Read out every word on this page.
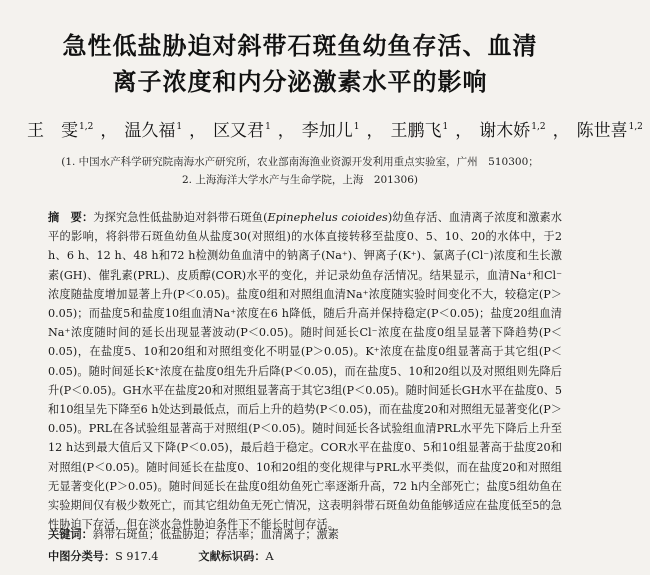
急性低盐胁迫对斜带石斑鱼幼鱼存活、血清
离子浓度和内分泌激素水平的影响
王　雯$^{1,2}$ ， 温久福$^1$ ， 区又君$^1$ ， 李加儿$^1$ ， 王鹏飞$^1$ ， 谢木娇$^{1,2}$ ， 陈世喜$^{1,2}$
(1. 中国水产科学研究院南海水产研究所，农业部南海渔业资源开发利用重点实验室，广州　510300；
2. 上海海洋大学水产与生命学院，上海　201306)
摘　要：为探究急性低盐胁迫对斜带石斑鱼(Epinephelus coioides)幼鱼存活、血清离子浓度和激素水平的影响，将斜带石斑鱼幼鱼从盐度30(对照组)的水体直接转移至盐度0、5、10、20的水体中，于2 h、6 h、12 h、48 h和72 h检测幼鱼血清中的钠离子(Na⁺)、钾离子(K⁺)、氯离子(Cl⁻)浓度和生长激素(GH)、催乳素(PRL)、皮质醇(COR)水平的变化，并记录幼鱼存活情况。结果显示，血清Na⁺和Cl⁻浓度随盐度增加显著上升(P＜0.05)。盐度0组和对照组血清Na⁺浓度随实验时间变化不大，较稳定(P＞0.05)；而盐度5和盐度10组血清Na⁺浓度在6 h降低，随后升高并保持稳定(P＜0.05)；盐度20组血清Na⁺浓度随时间的延长出现显著波动(P＜0.05)。随时间延长Cl⁻浓度在盐度0组呈显著下降趋势(P＜0.05)，在盐度5、10和20组和对照组变化不明显(P＞0.05)。K⁺浓度在盐度0组显著高于其它组(P＜0.05)。随时间延长K⁺浓度在盐度0组先升后降(P＜0.05)，而在盐度5、10和20组以及对照组则先降后升(P＜0.05)。GH水平在盐度20和对照组显著高于其它3组(P＜0.05)。随时间延长GH水平在盐度0、5和10组呈先下降至6 h处达到最低点，而后上升的趋势(P＜0.05)，而在盐度20和对照组无显著变化(P＞0.05)。PRL在各试验组显著高于对照组(P＜0.05)。随时间延长各试验组血清PRL水平先下降后上升至12 h达到最大值后又下降(P＜0.05)，最后趋于稳定。COR水平在盐度0、5和10组显著高于盐度20和对照组(P＜0.05)。随时间延长在盐度0、10和20组的变化规律与PRL水平类似，而在盐度20和对照组无显著变化(P＞0.05)。随时间延长在盐度0组幼鱼死亡率逐渐升高，72 h内全部死亡；盐度5组幼鱼在实验期间仅有极少数死亡，而其它组幼鱼无死亡情况，这表明斜带石斑鱼幼鱼能够适应在盐度低至5的急性胁迫下存活，但在淡水急性胁迫条件下不能长时间存活。
关键词：斜带石斑鱼；低盐胁迫；存活率；血清离子；激素
中图分类号：S 917.4	文献标识码：A
